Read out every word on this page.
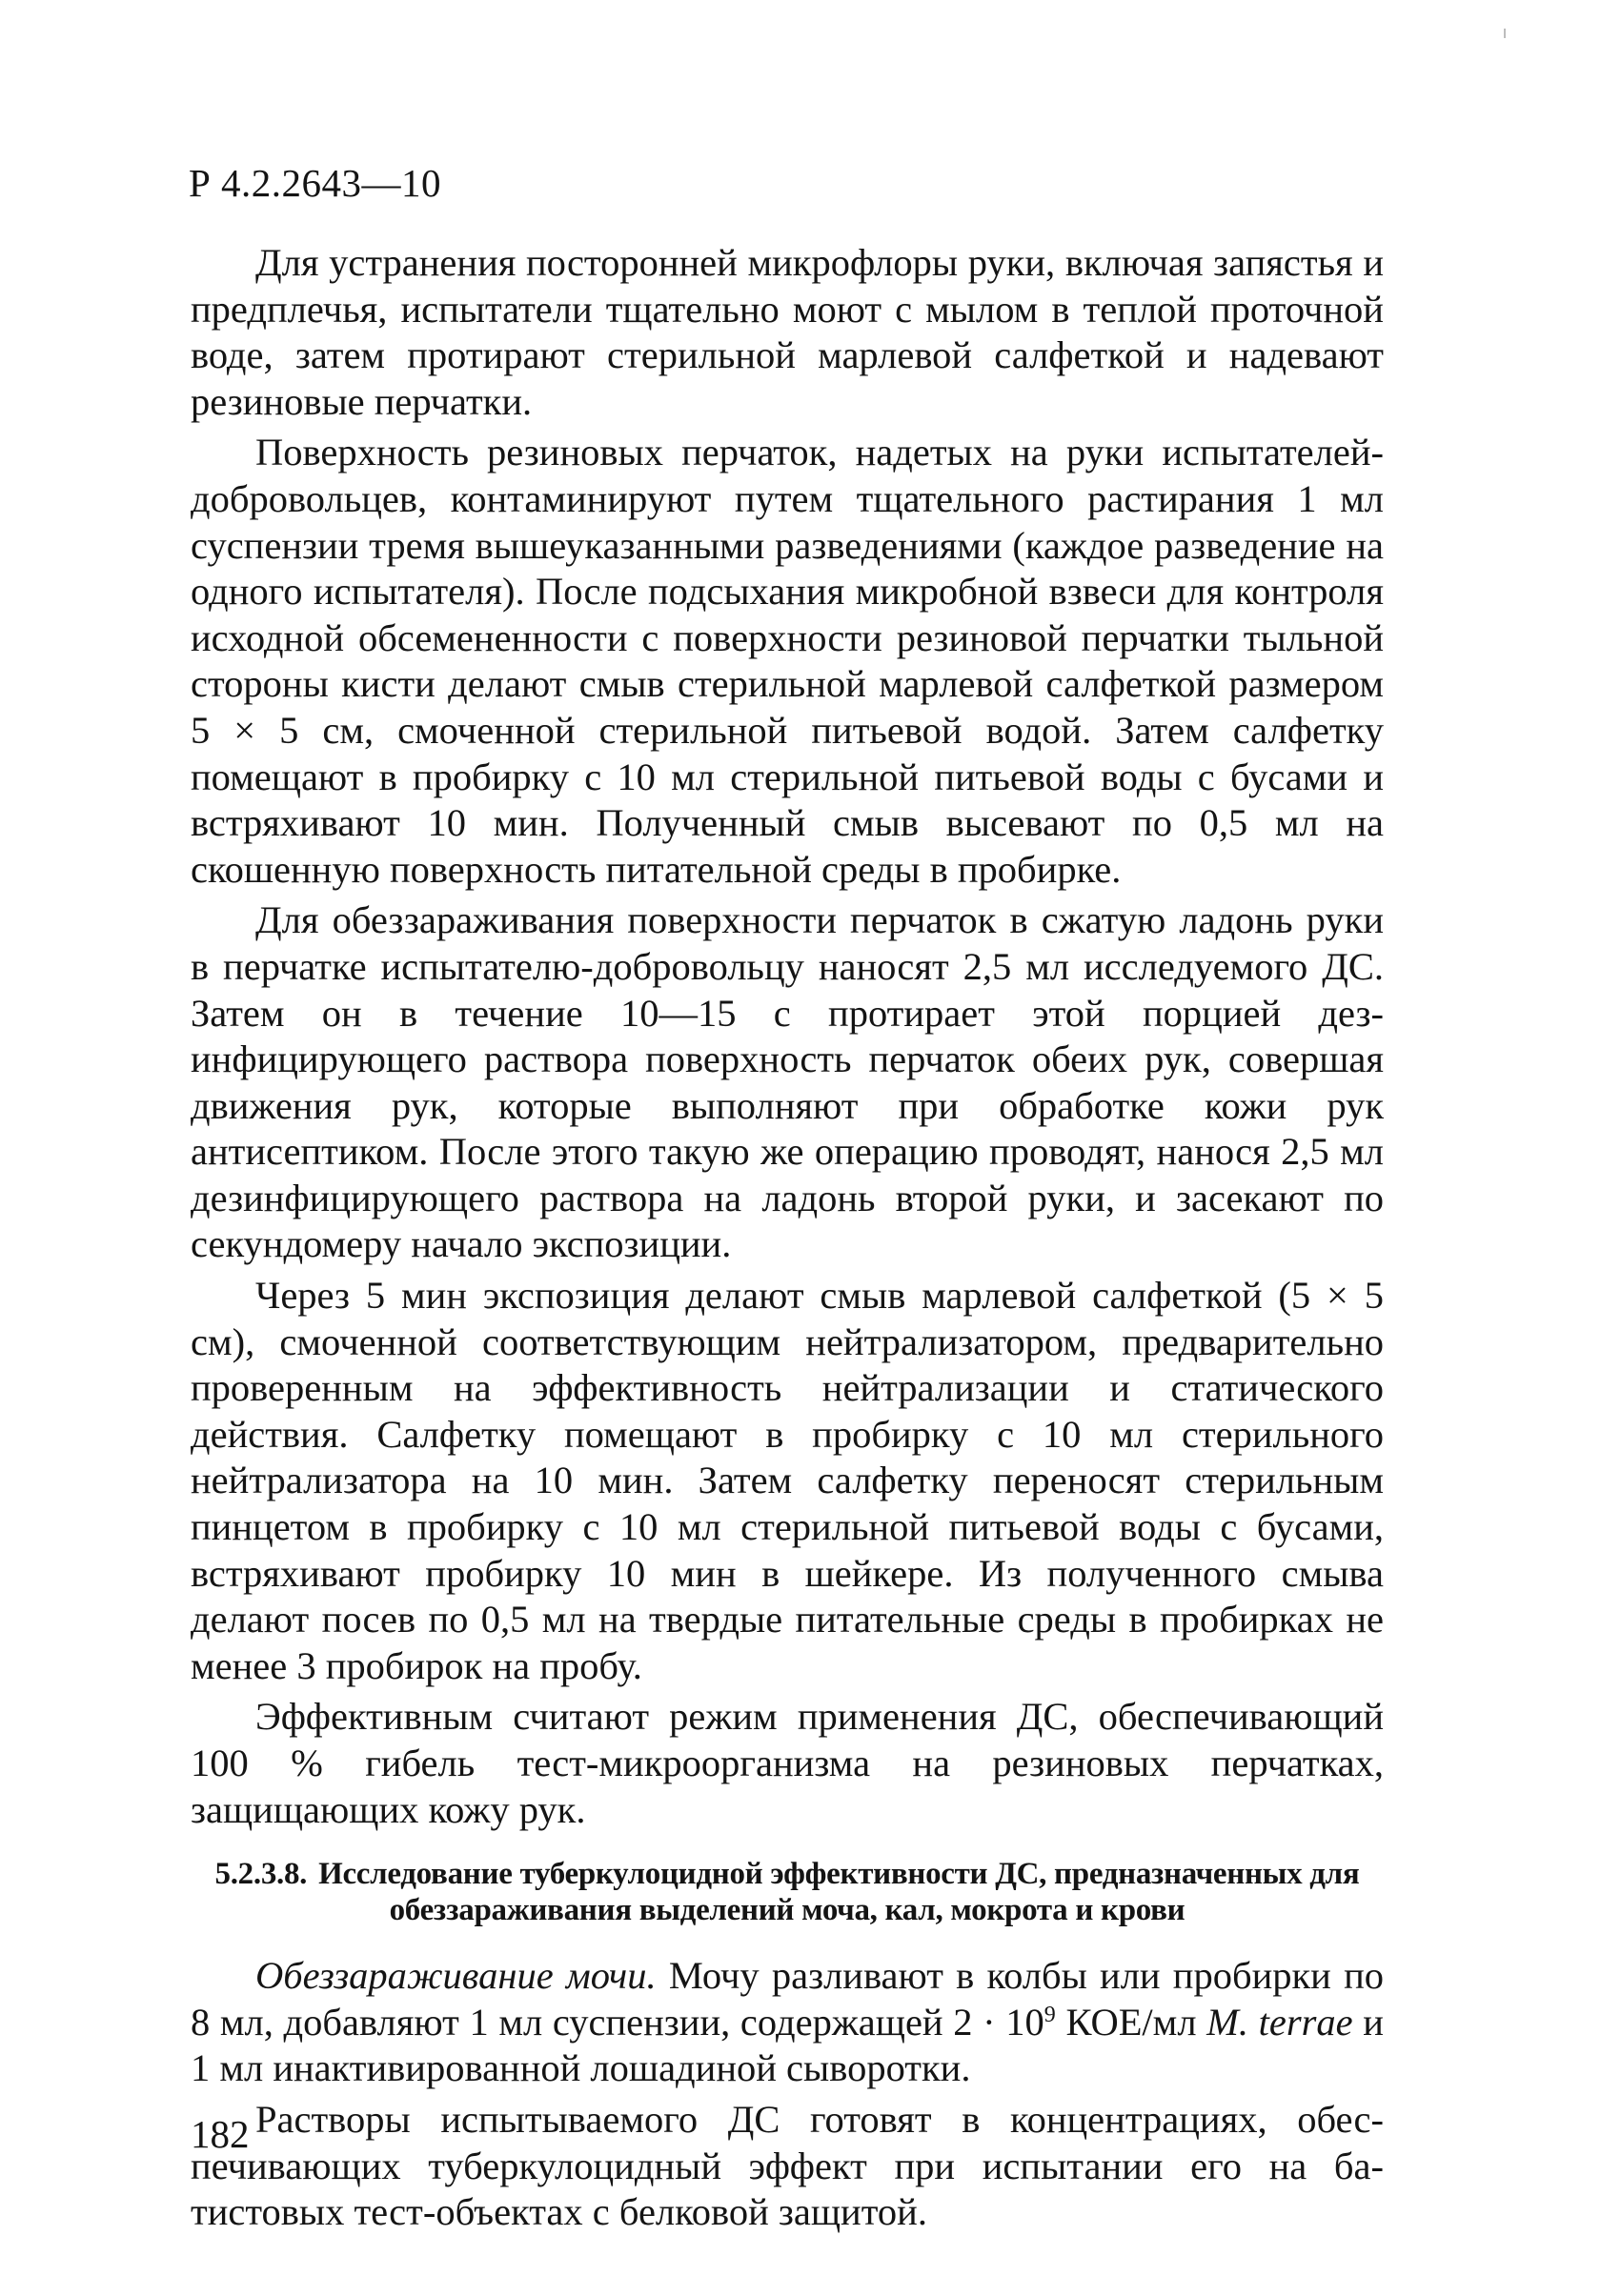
Р 4.2.2643—10

Для устранения посторонней микрофлоры руки, включая запястья и предплечья, испытатели тщательно моют с мылом в теплой проточной воде, затем протирают стерильной марлевой салфеткой и надевают резиновые перчатки.

Поверхность резиновых перчаток, надетых на руки испытателей-добровольцев, контаминируют путем тщательного растирания 1 мл суспензии тремя вышеуказанными разведениями (каждое разведение на одного испытателя). После подсыхания микробной взвеси для контроля исходной обсемененности с поверхности резиновой перчатки тыльной стороны кисти делают смыв стерильной марлевой салфеткой размером 5 × 5 см, смоченной стерильной питьевой водой. Затем салфетку помещают в пробирку с 10 мл стерильной питьевой воды с бусами и встряхивают 10 мин. Полученный смыв высевают по 0,5 мл на скошенную поверхность питательной среды в пробирке.

Для обеззараживания поверхности перчаток в сжатую ладонь руки в перчатке испытателю-добровольцу наносят 2,5 мл исследуемого ДС. Затем он в течение 10—15 с протирает этой порцией дезинфицирующего раствора поверхность перчаток обеих рук, совершая движения рук, которые выполняют при обработке кожи рук антисептиком. После этого такую же операцию проводят, нанося 2,5 мл дезинфицирующего раствора на ладонь второй руки, и засекают по секундомеру начало экспозиции.

Через 5 мин экспозиция делают смыв марлевой салфеткой (5 × 5 см), смоченной соответствующим нейтрализатором, предварительно проверенным на эффективность нейтрализации и статического действия. Салфетку помещают в пробирку с 10 мл стерильного нейтрализатора на 10 мин. Затем салфетку переносят стерильным пинцетом в пробирку с 10 мл стерильной питьевой воды с бусами, встряхивают пробирку 10 мин в шейкере. Из полученного смыва делают посев по 0,5 мл на твердые питательные среды в пробирках не менее 3 пробирок на пробу.

Эффективным считают режим применения ДС, обеспечивающий 100 % гибель тест-микроорганизма на резиновых перчатках, защищающих кожу рук.

5.2.3.8. Исследование туберкулоцидной эффективности ДС, предназначенных для обеззараживания выделений моча, кал, мокрота и крови

Обеззараживание мочи. Мочу разливают в колбы или пробирки по 8 мл, добавляют 1 мл суспензии, содержащей $2 \cdot 10^9$ КОЕ/мл M. terrae и 1 мл инактивированной лошадиной сыворотки.

Растворы испытываемого ДС готовят в концентрациях, обеспечивающих туберкулоцидный эффект при испытании его на батистовых тест-объектах с белковой защитой.

182
